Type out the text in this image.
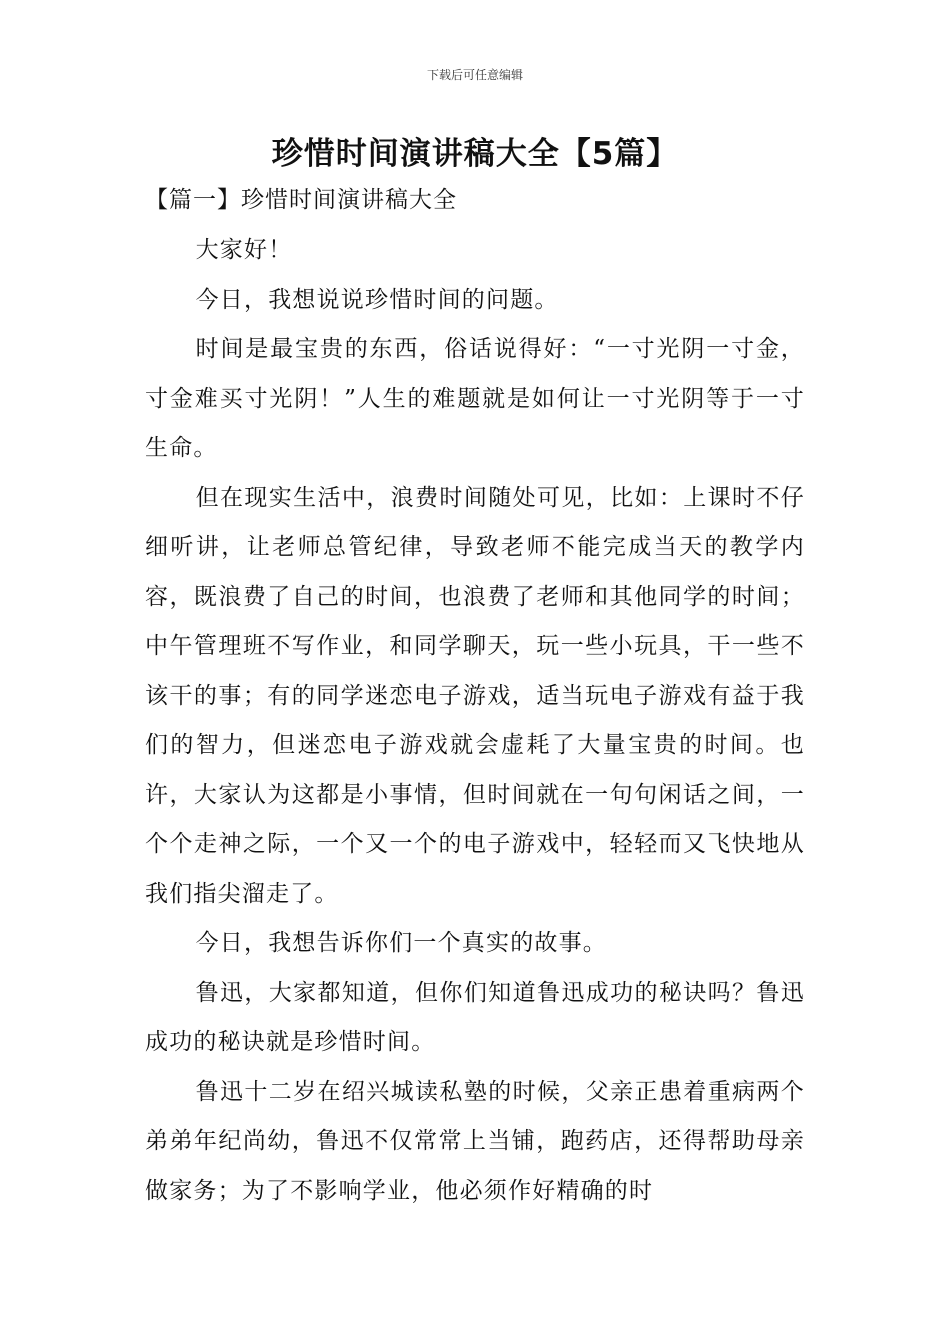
下载后可任意编辑
珍惜时间演讲稿大全【5篇】
【篇一】珍惜时间演讲稿大全

大家好！

今日，我想说说珍惜时间的问题。

时间是最宝贵的东西，俗话说得好：“一寸光阴一寸金，寸金难买寸光阴！”人生的难题就是如何让一寸光阴等于一寸生命。

但在现实生活中，浪费时间随处可见，比如：上课时不仔细听讲，让老师总管纪律，导致老师不能完成当天的教学内容，既浪费了自己的时间，也浪费了老师和其他同学的时间；中午管理班不写作业，和同学聊天，玩一些小玩具，干一些不该干的事；有的同学迷恋电子游戏，适当玩电子游戏有益于我们的智力，但迷恋电子游戏就会虚耗了大量宝贵的时间。也许，大家认为这都是小事情，但时间就在一句句闲话之间，一个个走神之际，一个又一个的电子游戏中，轻轻而又飞快地从我们指尖溜走了。

今日，我想告诉你们一个真实的故事。

鲁迅，大家都知道，但你们知道鲁迅成功的秘诀吗？鲁迅成功的秘诀就是珍惜时间。

鲁迅十二岁在绍兴城读私塾的时候，父亲正患着重病两个弟弟年纪尚幼，鲁迅不仅常常上当铺，跑药店，还得帮助母亲做家务；为了不影响学业，他必须作好精确的时
